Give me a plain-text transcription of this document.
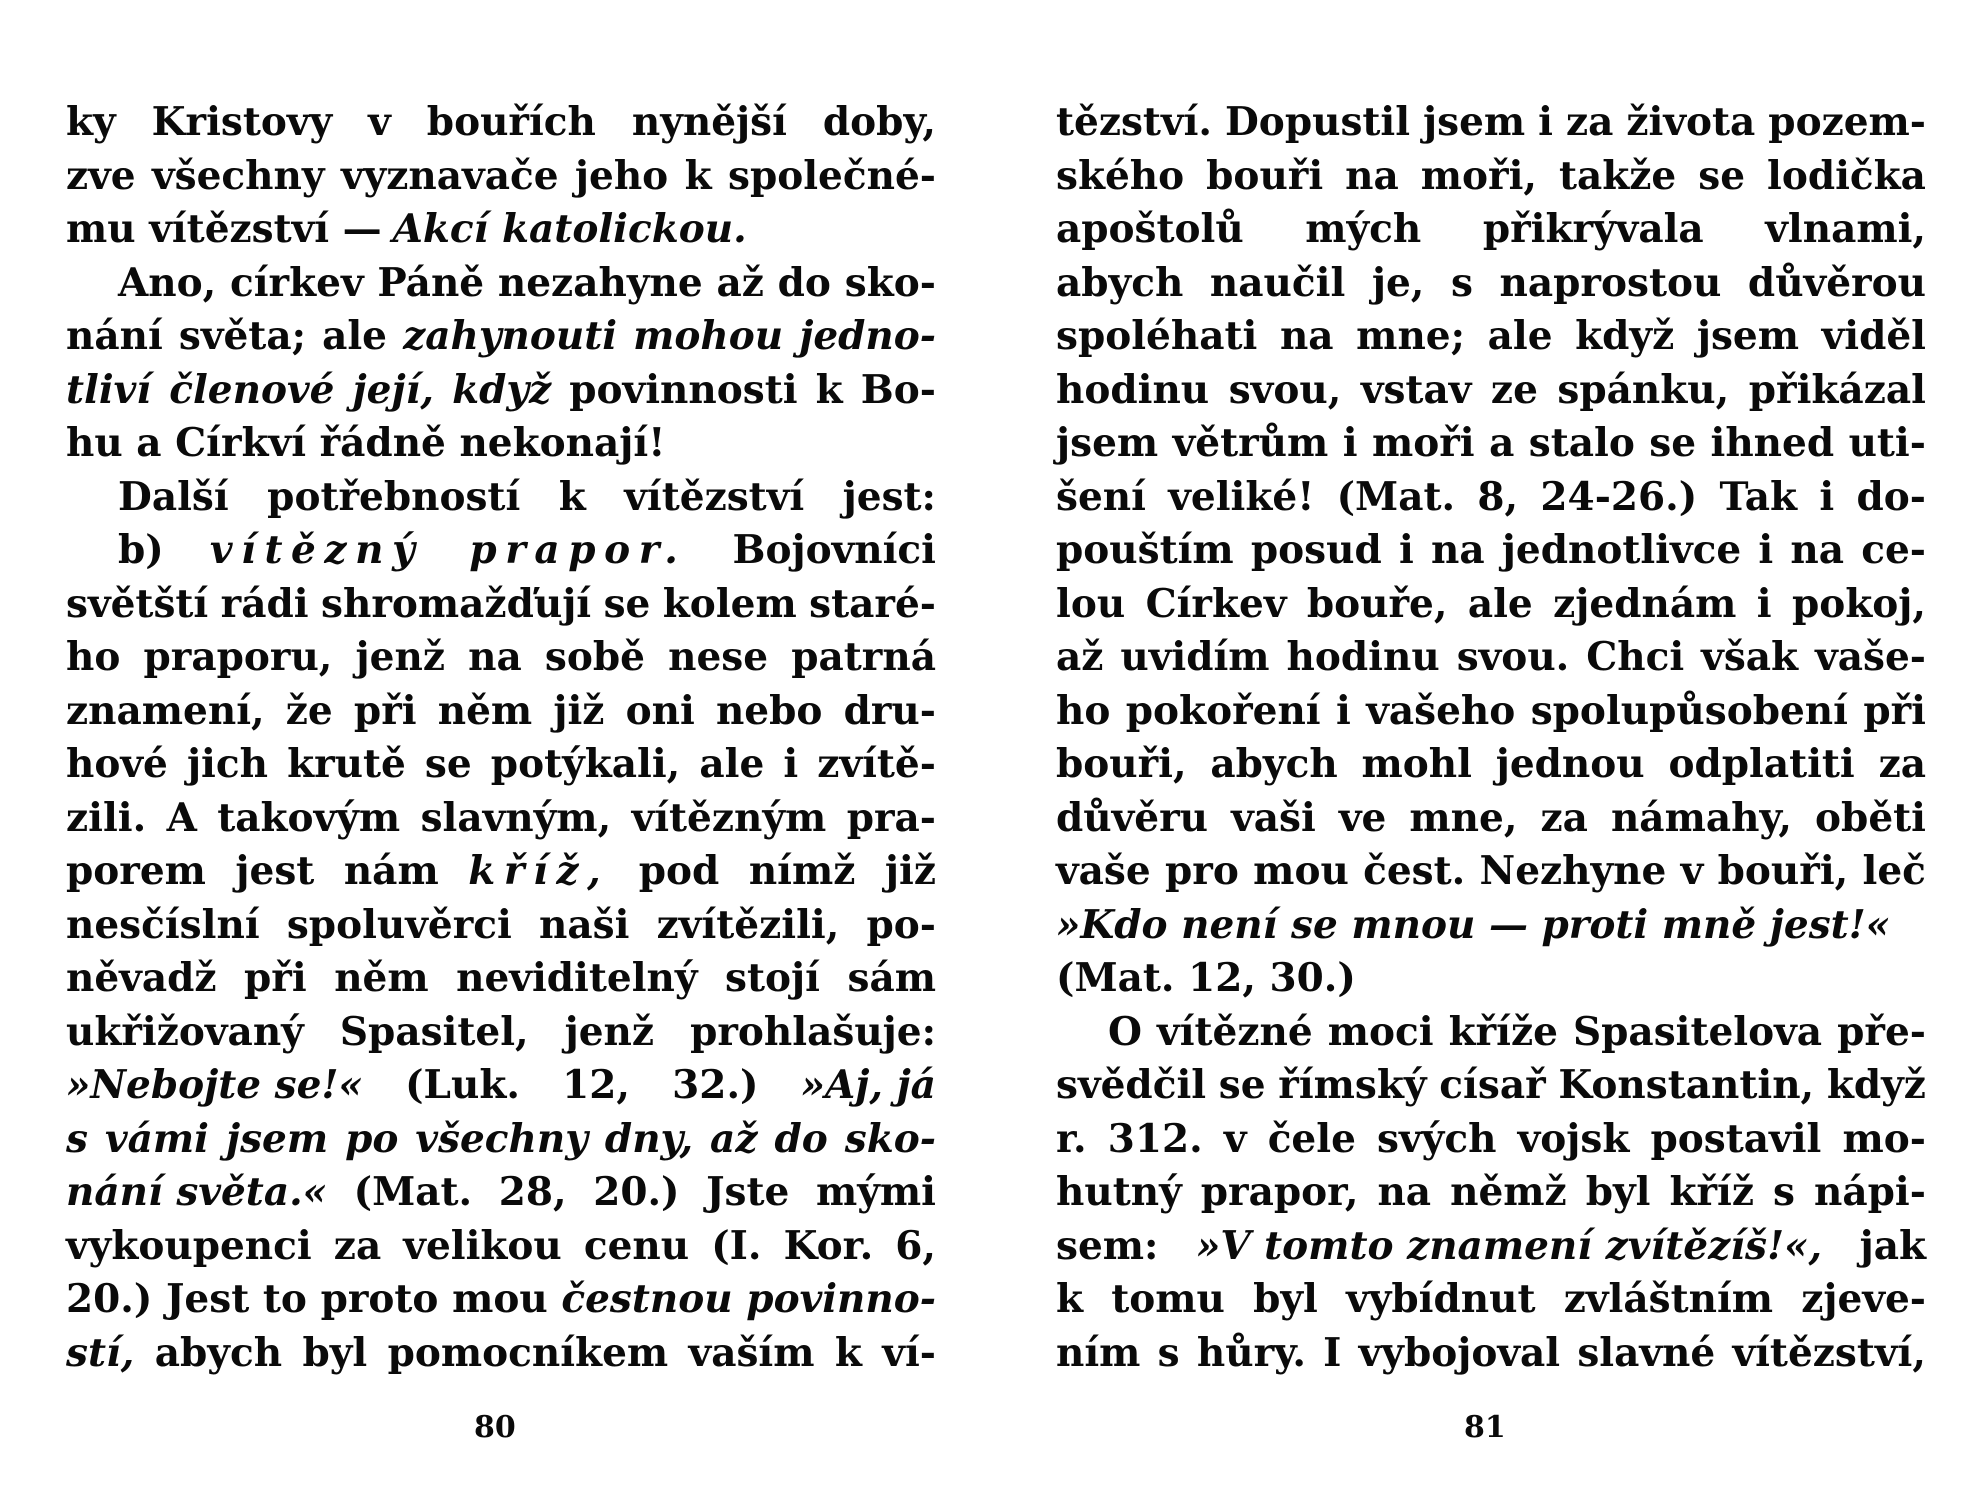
ky Kristovy v bouřích nynější doby,
zve všechny vyznavače jeho k společné-
mu vítězství — Akcí katolickou.
Ano, církev Páně nezahyne až do sko-
nání světa; ale zahynouti mohou jedno-
tliví členové její, když povinnosti k Bo-
hu a Církví řádně nekonají!
Další potřebností k vítězství jest:
b) vítězný prapor. Bojovníci
světští rádi shromažďují se kolem staré-
ho praporu, jenž na sobě nese patrná
znamení, že při něm již oni nebo dru-
hové jich krutě se potýkali, ale i zvítě-
zili. A takovým slavným, vítězným pra-
porem jest nám kříž, pod nímž již
nesčíslní spoluvěrci naši zvítězili, po-
něvadž při něm neviditelný stojí sám
ukřižovaný Spasitel, jenž prohlašuje:
»Nebojte se!« (Luk. 12, 32.) »Aj, já
s vámi jsem po všechny dny, až do sko-
nání světa.« (Mat. 28, 20.) Jste mými
vykoupenci za velikou cenu (I. Kor. 6,
20.) Jest to proto mou čestnou povinno-
stí, abych byl pomocníkem vaším k ví-
80
tězství. Dopustil jsem i za života pozem-
ského bouři na moři, takže se lodička
apoštolů mých přikrývala vlnami,
abych naučil je, s naprostou důvěrou
spoléhati na mne; ale když jsem viděl
hodinu svou, vstav ze spánku, přikázal
jsem větrům i moři a stalo se ihned uti-
šení veliké! (Mat. 8, 24-26.) Tak i do-
pouštím posud i na jednotlivce i na ce-
lou Církev bouře, ale zjednám i pokoj,
až uvidím hodinu svou. Chci však vaše-
ho pokoření i vašeho spolupůsobení při
bouři, abych mohl jednou odplatiti za
důvěru vaši ve mne, za námahy, oběti
vaše pro mou čest. Nezhyne v bouři, leč
»Kdo není se mnou — proti mně jest!«
(Mat. 12, 30.)
O vítězné moci kříže Spasitelova pře-
svědčil se římský císař Konstantin, když
r. 312. v čele svých vojsk postavil mo-
hutný prapor, na němž byl kříž s nápi-
sem: »V tomto znamení zvítězíš!«, jak
k tomu byl vybídnut zvláštním zjeve-
ním s hůry. I vybojoval slavné vítězství,
81
